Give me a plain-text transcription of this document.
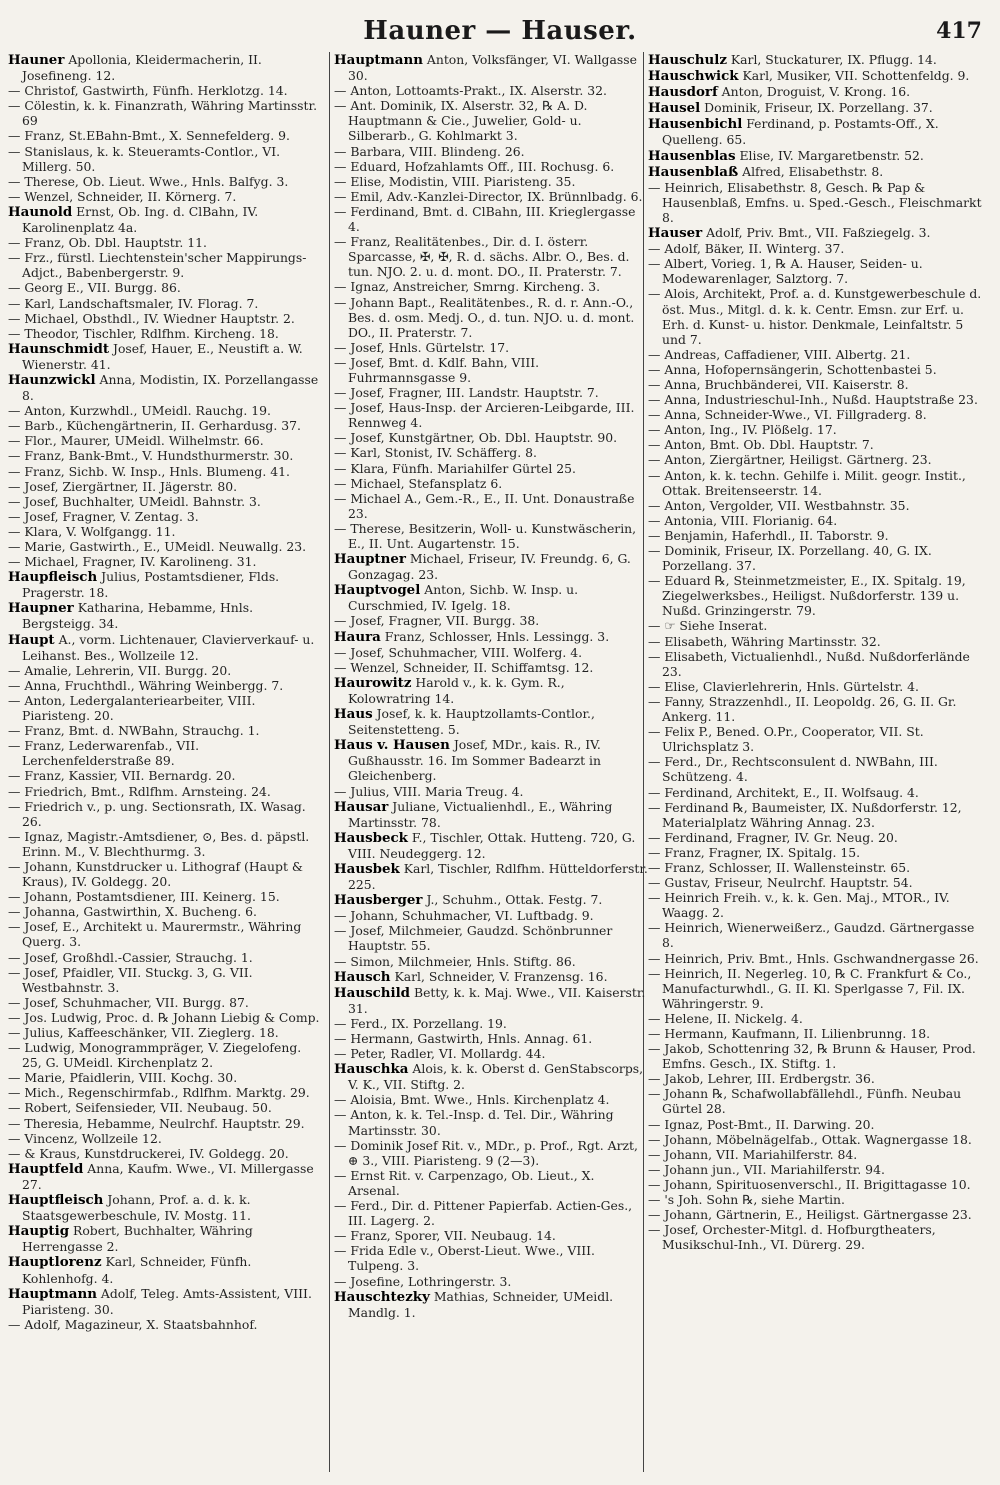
Hauner — Hauser.	417

Hauner Apollonia, Kleidermacherin, II. Josefineng. 12.

— Christof, Gastwirth, Fünfh. Herklotzg. 14.

— Cölestin, k. k. Finanzrath, Währing Martinsstr. 69

— Franz, St.EBahn-Bmt., X. Sennefelderg. 9.

— Stanislaus, k. k. Steueramts-Contlor., VI. Millerg. 50.

— Therese, Ob. Lieut. Wwe., Hnls. Balfyg. 3.

— Wenzel, Schneider, II. Körnerg. 7.

Haunold Ernst, Ob. Ing. d. ClBahn, IV. Karolinenplatz 4a.

— Franz, Ob. Dbl. Hauptstr. 11.

— Frz., fürstl. Liechtenstein'scher Mappirungs-Adjct., Babenbergerstr. 9.

— Georg E., VII. Burgg. 86.

— Karl, Landschaftsmaler, IV. Florag. 7.

— Michael, Obsthdl., IV. Wiedner Hauptstr. 2.

— Theodor, Tischler, Rdlfhm. Kircheng. 18.

Haunschmidt Josef, Hauer, E., Neustift a. W. Wienerstr. 41.

Haunzwickl Anna, Modistin, IX. Porzellangasse 8.

— Anton, Kurzwhdl., UMeidl. Rauchg. 19.

— Barb., Küchengärtnerin, II. Gerhardusg. 37.

— Flor., Maurer, UMeidl. Wilhelmstr. 66.

— Franz, Bank-Bmt., V. Hundsthurmerstr. 30.

— Franz, Sichb. W. Insp., Hnls. Blumeng. 41.

— Josef, Ziergärtner, II. Jägerstr. 80.

— Josef, Buchhalter, UMeidl. Bahnstr. 3.

— Josef, Fragner, V. Zentag. 3.

— Klara, V. Wolfgangg. 11.

— Marie, Gastwirth., E., UMeidl. Neuwallg. 23.

— Michael, Fragner, IV. Karolineng. 31.

Haupfleisch Julius, Postamtsdiener, Flds. Pragerstr. 18.

Haupner Katharina, Hebamme, Hnls. Bergsteigg. 34.

Haupt A., vorm. Lichtenauer, Clavierverkauf- u. Leihanst. Bes., Wollzeile 12.

— Amalie, Lehrerin, VII. Burgg. 20.

— Anna, Fruchthdl., Währing Weinbergg. 7.

— Anton, Ledergalanteriearbeiter, VIII. Piaristeng. 20.

— Franz, Bmt. d. NWBahn, Strauchg. 1.

— Franz, Lederwarenfab., VII. Lerchenfelderstraße 89.

— Franz, Kassier, VII. Bernardg. 20.

— Friedrich, Bmt., Rdlfhm. Arnsteing. 24.

— Friedrich v., p. ung. Sectionsrath, IX. Wasag. 26.

— Ignaz, Magistr.-Amtsdiener, ⊙, Bes. d. päpstl. Erinn. M., V. Blechthurmg. 3.

— Johann, Kunstdrucker u. Lithograf (Haupt & Kraus), IV. Goldegg. 20.

— Johann, Postamtsdiener, III. Keinerg. 15.

— Johanna, Gastwirthin, X. Bucheng. 6.

— Josef, E., Architekt u. Maurermstr., Währing Querg. 3.

— Josef, Großhdl.-Cassier, Strauchg. 1.

— Josef, Pfaidler, VII. Stuckg. 3, G. VII. Westbahnstr. 3.

— Josef, Schuhmacher, VII. Burgg. 87.

— Jos. Ludwig, Proc. d. ℞ Johann Liebig & Comp.

— Julius, Kaffeeschänker, VII. Zieglerg. 18.

— Ludwig, Monogrammpräger, V. Ziegelofeng. 25, G. UMeidl. Kirchenplatz 2.

— Marie, Pfaidlerin, VIII. Kochg. 30.

— Mich., Regenschirmfab., Rdlfhm. Marktg. 29.

— Robert, Seifensieder, VII. Neubaug. 50.

— Theresia, Hebamme, Neulrchf. Hauptstr. 29.

— Vincenz, Wollzeile 12.

— & Kraus, Kunstdruckerei, IV. Goldegg. 20.

Hauptfeld Anna, Kaufm. Wwe., VI. Millergasse 27.

Hauptfleisch Johann, Prof. a. d. k. k. Staatsgewerbeschule, IV. Mostg. 11.

Hauptig Robert, Buchhalter, Währing Herrengasse 2.

Hauptlorenz Karl, Schneider, Fünfh. Kohlenhofg. 4.

Hauptmann Adolf, Teleg. Amts-Assistent, VIII. Piaristeng. 30.

— Adolf, Magazineur, X. Staatsbahnhof.

Hauptmann Anton, Volksfänger, VI. Wallgasse 30.

— Anton, Lottoamts-Prakt., IX. Alserstr. 32.

— Ant. Dominik, IX. Alserstr. 32, ℞ A. D. Hauptmann & Cie., Juwelier, Gold- u. Silberarb., G. Kohlmarkt 3.

— Barbara, VIII. Blindeng. 26.

— Eduard, Hofzahlamts Off., III. Rochusg. 6.

— Elise, Modistin, VIII. Piaristeng. 35.

— Emil, Adv.-Kanzlei-Director, IX. Brünnlbadg. 6.

— Ferdinand, Bmt. d. ClBahn, III. Krieglergasse 4.

— Franz, Realitätenbes., Dir. d. I. österr. Sparcasse, ✠, ✠, R. d. sächs. Albr. O., Bes. d. tun. NJO. 2. u. d. mont. DO., II. Praterstr. 7.

— Ignaz, Anstreicher, Smrng. Kircheng. 3.

— Johann Bapt., Realitätenbes., R. d. r. Ann.-O., Bes. d. osm. Medj. O., d. tun. NJO. u. d. mont. DO., II. Praterstr. 7.

— Josef, Hnls. Gürtelstr. 17.

— Josef, Bmt. d. Kdlf. Bahn, VIII. Fuhrmannsgasse 9.

— Josef, Fragner, III. Landstr. Hauptstr. 7.

— Josef, Haus-Insp. der Arcieren-Leibgarde, III. Rennweg 4.

— Josef, Kunstgärtner, Ob. Dbl. Hauptstr. 90.

— Karl, Stonist, IV. Schäfferg. 8.

— Klara, Fünfh. Mariahilfer Gürtel 25.

— Michael, Stefansplatz 6.

— Michael A., Gem.-R., E., II. Unt. Donaustraße 23.

— Therese, Besitzerin, Woll- u. Kunstwäscherin, E., II. Unt. Augartenstr. 15.

Hauptner Michael, Friseur, IV. Freundg. 6, G. Gonzagag. 23.

Hauptvogel Anton, Sichb. W. Insp. u. Curschmied, IV. Igelg. 18.

— Josef, Fragner, VII. Burgg. 38.

Haura Franz, Schlosser, Hnls. Lessingg. 3.

— Josef, Schuhmacher, VIII. Wolferg. 4.

— Wenzel, Schneider, II. Schiffamtsg. 12.

Haurowitz Harold v., k. k. Gym. R., Kolowratring 14.

Haus Josef, k. k. Hauptzollamts-Contlor., Seitenstetteng. 5.

Haus v. Hausen Josef, MDr., kais. R., IV. Gußhausstr. 16. Im Sommer Badearzt in Gleichenberg.

— Julius, VIII. Maria Treug. 4.

Hausar Juliane, Victualienhdl., E., Währing Martinsstr. 78.

Hausbeck F., Tischler, Ottak. Hutteng. 720, G. VIII. Neudeggerg. 12.

Hausbek Karl, Tischler, Rdlfhm. Hütteldorferstr. 225.

Hausberger J., Schuhm., Ottak. Festg. 7.

— Johann, Schuhmacher, VI. Luftbadg. 9.

— Josef, Milchmeier, Gaudzd. Schönbrunner Hauptstr. 55.

— Simon, Milchmeier, Hnls. Stiftg. 86.

Hausch Karl, Schneider, V. Franzensg. 16.

Hauschild Betty, k. k. Maj. Wwe., VII. Kaiserstr. 31.

— Ferd., IX. Porzellang. 19.

— Hermann, Gastwirth, Hnls. Annag. 61.

— Peter, Radler, VI. Mollardg. 44.

Hauschka Alois, k. k. Oberst d. GenStabscorps, V. K., VII. Stiftg. 2.

— Aloisia, Bmt. Wwe., Hnls. Kirchenplatz 4.

— Anton, k. k. Tel.-Insp. d. Tel. Dir., Währing Martinsstr. 30.

— Dominik Josef Rit. v., MDr., p. Prof., Rgt. Arzt, ⊕ 3., VIII. Piaristeng. 9 (2—3).

— Ernst Rit. v. Carpenzago, Ob. Lieut., X. Arsenal.

— Ferd., Dir. d. Pittener Papierfab. Actien-Ges., III. Lagerg. 2.

— Franz, Sporer, VII. Neubaug. 14.

— Frida Edle v., Oberst-Lieut. Wwe., VIII. Tulpeng. 3.

— Josefine, Lothringerstr. 3.

Hauschtezky Mathias, Schneider, UMeidl. Mandlg. 1.

Hauschulz Karl, Stuckaturer, IX. Pflugg. 14.

Hauschwick Karl, Musiker, VII. Schottenfeldg. 9.

Hausdorf Anton, Droguist, V. Krong. 16.

Hausel Dominik, Friseur, IX. Porzellang. 37.

Hausenbichl Ferdinand, p. Postamts-Off., X. Quelleng. 65.

Hausenblas Elise, IV. Margaretbenstr. 52.

Hausenblaß Alfred, Elisabethstr. 8.

— Heinrich, Elisabethstr. 8, Gesch. ℞ Pap & Hausenblaß, Emfns. u. Sped.-Gesch., Fleischmarkt 8.

Hauser Adolf, Priv. Bmt., VII. Faßziegelg. 3.

— Adolf, Bäker, II. Winterg. 37.

— Albert, Vorieg. 1, ℞ A. Hauser, Seiden- u. Modewarenlager, Salztorg. 7.

— Alois, Architekt, Prof. a. d. Kunstgewerbeschule d. öst. Mus., Mitgl. d. k. k. Centr. Emsn. zur Erf. u. Erh. d. Kunst- u. histor. Denkmale, Leinfaltstr. 5 und 7.

— Andreas, Caffadiener, VIII. Albertg. 21.

— Anna, Hofopernsängerin, Schottenbastei 5.

— Anna, Bruchbänderei, VII. Kaiserstr. 8.

— Anna, Industrieschul-Inh., Nußd. Hauptstraße 23.

— Anna, Schneider-Wwe., VI. Fillgraderg. 8.

— Anton, Ing., IV. Plößelg. 17.

— Anton, Bmt. Ob. Dbl. Hauptstr. 7.

— Anton, Ziergärtner, Heiligst. Gärtnerg. 23.

— Anton, k. k. techn. Gehilfe i. Milit. geogr. Instit., Ottak. Breitenseerstr. 14.

— Anton, Vergolder, VII. Westbahnstr. 35.

— Antonia, VIII. Florianig. 64.

— Benjamin, Haferhdl., II. Taborstr. 9.

— Dominik, Friseur, IX. Porzellang. 40, G. IX. Porzellang. 37.

— Eduard ℞, Steinmetzmeister, E., IX. Spitalg. 19, Ziegelwerksbes., Heiligst. Nußdorferstr. 139 u. Nußd. Grinzingerstr. 79.

— ☞ Siehe Inserat.

— Elisabeth, Währing Martinsstr. 32.

— Elisabeth, Victualienhdl., Nußd. Nußdorferlände 23.

— Elise, Clavierlehrerin, Hnls. Gürtelstr. 4.

— Fanny, Strazzenhdl., II. Leopoldg. 26, G. II. Gr. Ankerg. 11.

— Felix P., Bened. O.Pr., Cooperator, VII. St. Ulrichsplatz 3.

— Ferd., Dr., Rechtsconsulent d. NWBahn, III. Schützeng. 4.

— Ferdinand, Architekt, E., II. Wolfsaug. 4.

— Ferdinand ℞, Baumeister, IX. Nußdorferstr. 12, Materialplatz Währing Annag. 23.

— Ferdinand, Fragner, IV. Gr. Neug. 20.

— Franz, Fragner, IX. Spitalg. 15.

— Franz, Schlosser, II. Wallensteinstr. 65.

— Gustav, Friseur, Neulrchf. Hauptstr. 54.

— Heinrich Freih. v., k. k. Gen. Maj., MTOR., IV. Waagg. 2.

— Heinrich, Wienerweißerz., Gaudzd. Gärtnergasse 8.

— Heinrich, Priv. Bmt., Hnls. Gschwandnergasse 26.

— Heinrich, II. Negerleg. 10, ℞ C. Frankfurt & Co., Manufacturwhdl., G. II. Kl. Sperlgasse 7, Fil. IX. Währingerstr. 9.

— Helene, II. Nickelg. 4.

— Hermann, Kaufmann, II. Lilienbrunng. 18.

— Jakob, Schottenring 32, ℞ Brunn & Hauser, Prod. Emfns. Gesch., IX. Stiftg. 1.

— Jakob, Lehrer, III. Erdbergstr. 36.

— Johann ℞, Schafwollabfällehdl., Fünfh. Neubau Gürtel 28.

— Ignaz, Post-Bmt., II. Darwing. 20.

— Johann, Möbelnägelfab., Ottak. Wagnergasse 18.

— Johann, VII. Mariahilferstr. 84.

— Johann jun., VII. Mariahilferstr. 94.

— Johann, Spirituosenverschl., II. Brigittagasse 10.

— 's Joh. Sohn ℞, siehe Martin.

— Johann, Gärtnerin, E., Heiligst. Gärtnergasse 23.

— Josef, Orchester-Mitgl. d. Hofburgtheaters, Musikschul-Inh., VI. Dürerg. 29.
